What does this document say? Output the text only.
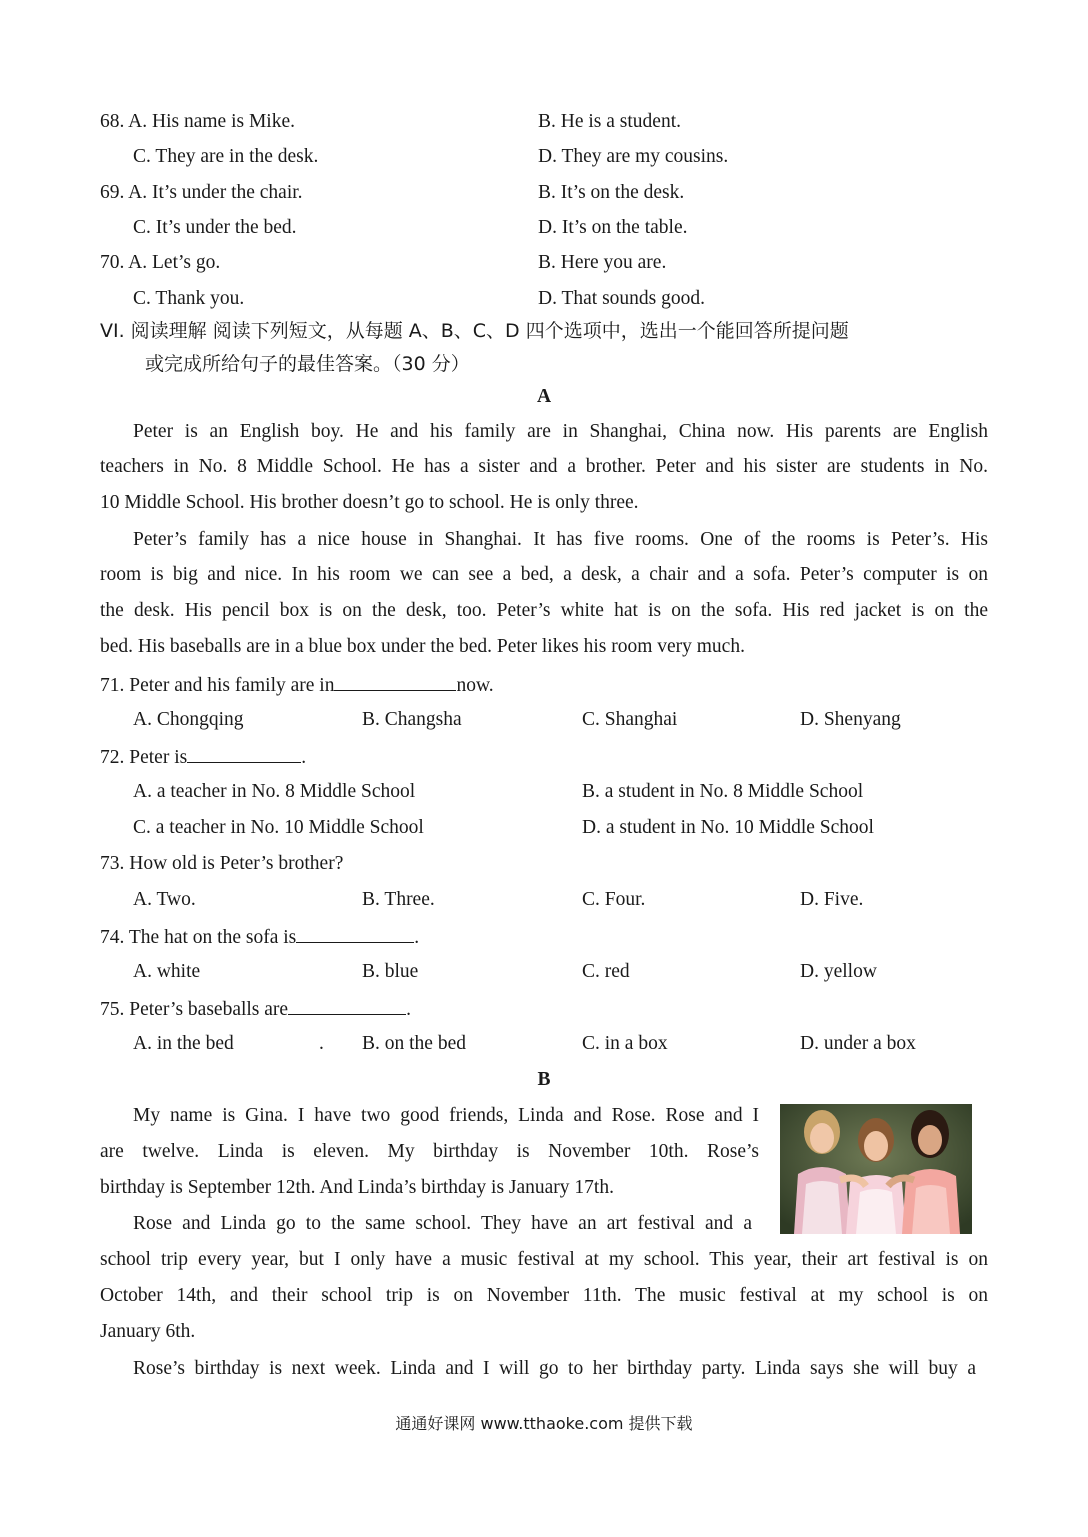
68. A. His name is Mike.	B. He is a student.
C. They are in the desk.	D. They are my cousins.
69. A. It’s under the chair.	B. It’s on the desk.
C. It’s under the bed.	D. It’s on the table.
70. A. Let’s go.	B. Here you are.
C. Thank you.	D. That sounds good.
VI. 阅读理解 阅读下列短文，从每题 A、B、C、D 四个选项中，选出一个能回答所提问题
或完成所给句子的最佳答案。（30 分）
A
Peter is an English boy. He and his family are in Shanghai, China now. His parents are English
teachers in No. 8 Middle School. He has a sister and a brother. Peter and his sister are students in No.
10 Middle School. His brother doesn’t go to school. He is only three.
Peter’s family has a nice house in Shanghai. It has five rooms. One of the rooms is Peter’s. His
room is big and nice. In his room we can see a bed, a desk, a chair and a sofa. Peter’s computer is on
the desk. His pencil box is on the desk, too. Peter’s white hat is on the sofa. His red jacket is on the
bed. His baseballs are in a blue box under the bed. Peter likes his room very much.
71. Peter and his family are in	now.
A. Chongqing	B. Changsha	C. Shanghai	D. Shenyang
72. Peter is	.
A. a teacher in No. 8 Middle School	B. a student in No. 8 Middle School
C. a teacher in No. 10 Middle School	D. a student in No. 10 Middle School
73. How old is Peter’s brother?
A. Two.	B. Three.	C. Four.	D. Five.
74. The hat on the sofa is	.
A. white	B. blue	C. red	D. yellow
75. Peter’s baseballs are	.
A. in the bed	. B. on the bed	C. in a box	D. under a box
B
My name is Gina. I have two good friends, Linda and Rose. Rose and I
are twelve. Linda is eleven. My birthday is November 10th. Rose’s
birthday is September 12th. And Linda’s birthday is January 17th.
Rose and Linda go to the same school. They have an art festival and a
school trip every year, but I only have a music festival at my school. This year, their art festival is on
October 14th, and their school trip is on November 11th. The music festival at my school is on
January 6th.
Rose’s birthday is next week. Linda and I will go to her birthday party. Linda says she will buy a
通通好课网 www.tthaoke.com 提供下载
